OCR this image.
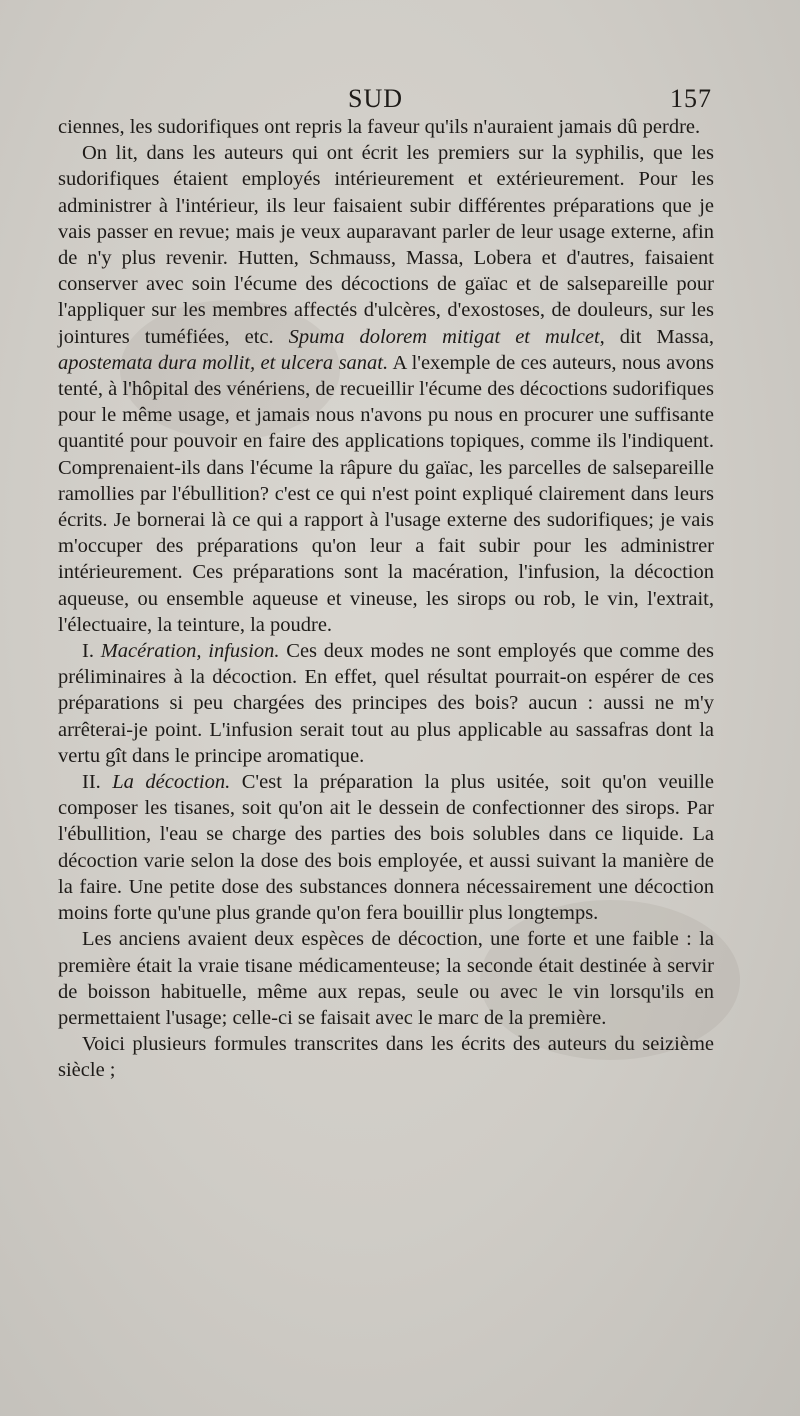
SUD	157

ciennes, les sudorifiques ont repris la faveur qu'ils n'auraient jamais dû perdre.

On lit, dans les auteurs qui ont écrit les premiers sur la syphilis, que les sudorifiques étaient employés intérieurement et extérieurement. Pour les administrer à l'intérieur, ils leur faisaient subir différentes préparations que je vais passer en revue; mais je veux auparavant parler de leur usage externe, afin de n'y plus revenir. Hutten, Schmauss, Massa, Lobera et d'autres, faisaient conserver avec soin l'écume des décoctions de gaïac et de salsepareille pour l'appliquer sur les membres affectés d'ulcères, d'exostoses, de douleurs, sur les jointures tuméfiées, etc. Spuma dolorem mitigat et mulcet, dit Massa, apostemata dura mollit, et ulcera sanat. A l'exemple de ces auteurs, nous avons tenté, à l'hôpital des vénériens, de recueillir l'écume des décoctions sudorifiques pour le même usage, et jamais nous n'avons pu nous en procurer une suffisante quantité pour pouvoir en faire des applications topiques, comme ils l'indiquent. Comprenaient-ils dans l'écume la râpure du gaïac, les parcelles de salsepareille ramollies par l'ébullition? c'est ce qui n'est point expliqué clairement dans leurs écrits. Je bornerai là ce qui a rapport à l'usage externe des sudorifiques; je vais m'occuper des préparations qu'on leur a fait subir pour les administrer intérieurement. Ces préparations sont la macération, l'infusion, la décoction aqueuse, ou ensemble aqueuse et vineuse, les sirops ou rob, le vin, l'extrait, l'électuaire, la teinture, la poudre.

I. Macération, infusion. Ces deux modes ne sont employés que comme des préliminaires à la décoction. En effet, quel résultat pourrait-on espérer de ces préparations si peu chargées des principes des bois? aucun : aussi ne m'y arrêterai-je point. L'infusion serait tout au plus applicable au sassafras dont la vertu gît dans le principe aromatique.

II. La décoction. C'est la préparation la plus usitée, soit qu'on veuille composer les tisanes, soit qu'on ait le dessein de confectionner des sirops. Par l'ébullition, l'eau se charge des parties des bois solubles dans ce liquide. La décoction varie selon la dose des bois employée, et aussi suivant la manière de la faire. Une petite dose des substances donnera nécessairement une décoction moins forte qu'une plus grande qu'on fera bouillir plus longtemps.

Les anciens avaient deux espèces de décoction, une forte et une faible : la première était la vraie tisane médicamenteuse; la seconde était destinée à servir de boisson habituelle, même aux repas, seule ou avec le vin lorsqu'ils en permettaient l'usage; celle-ci se faisait avec le marc de la première.

Voici plusieurs formules transcrites dans les écrits des auteurs du seizième siècle ;
